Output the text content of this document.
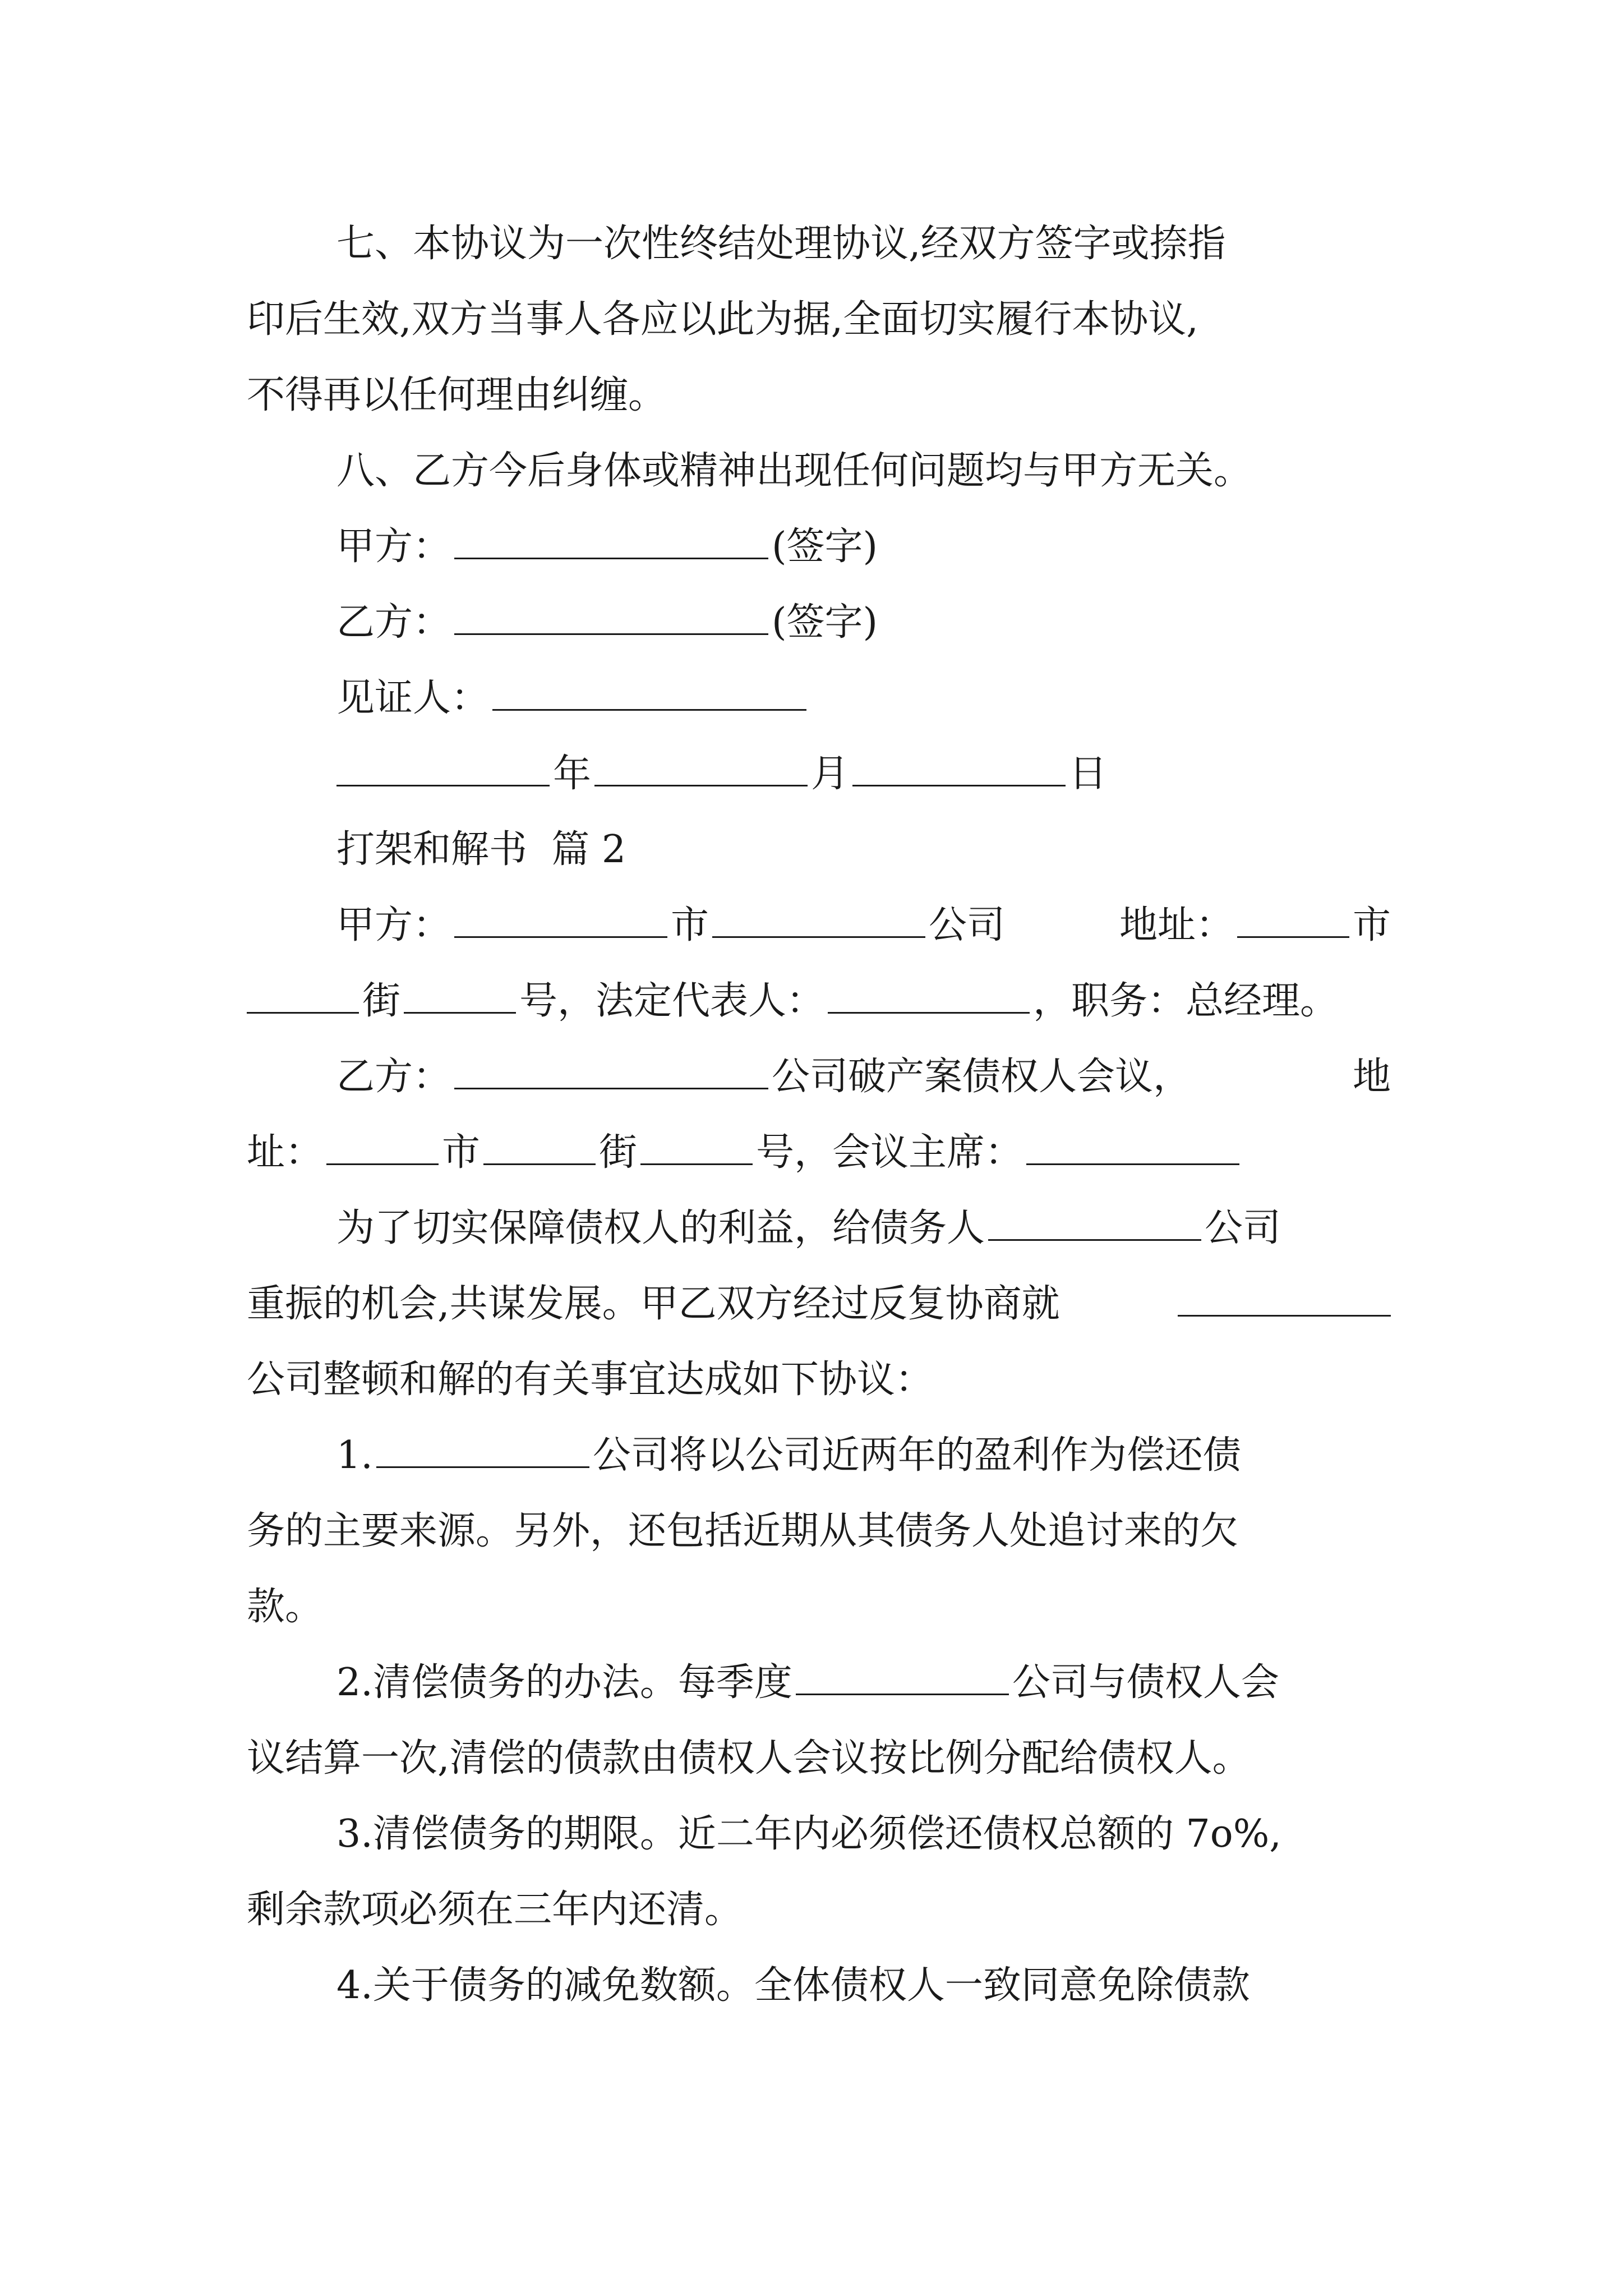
七、本协议为一次性终结处理协议,经双方签字或捺指
印后生效,双方当事人各应以此为据,全面切实履行本协议,
不得再以任何理由纠缠。
八、乙方今后身体或精神出现任何问题均与甲方无关。
甲方：	(签字)
乙方：	(签字)
见证人：
年	月	日
打架和解书  篇 2
甲方：	市	公司	地址：	市
街	号，法定代表人：	，职务：总经理。
乙方：	公司破产案债权人会议，	地
址：	市	街	号，会议主席：
为了切实保障债权人的利益，给债务人	公司
重振的机会,共谋发展。甲乙双方经过反复协商就
公司整顿和解的有关事宜达成如下协议：
1.	公司将以公司近两年的盈利作为偿还债
务的主要来源。另外，还包括近期从其债务人处追讨来的欠
款。
2.清偿债务的办法。每季度	公司与债权人会
议结算一次,清偿的债款由债权人会议按比例分配给债权人。
3.清偿债务的期限。近二年内必须偿还债权总额的 7o%,
剩余款项必须在三年内还清。
4.关于债务的减免数额。全体债权人一致同意免除债款
